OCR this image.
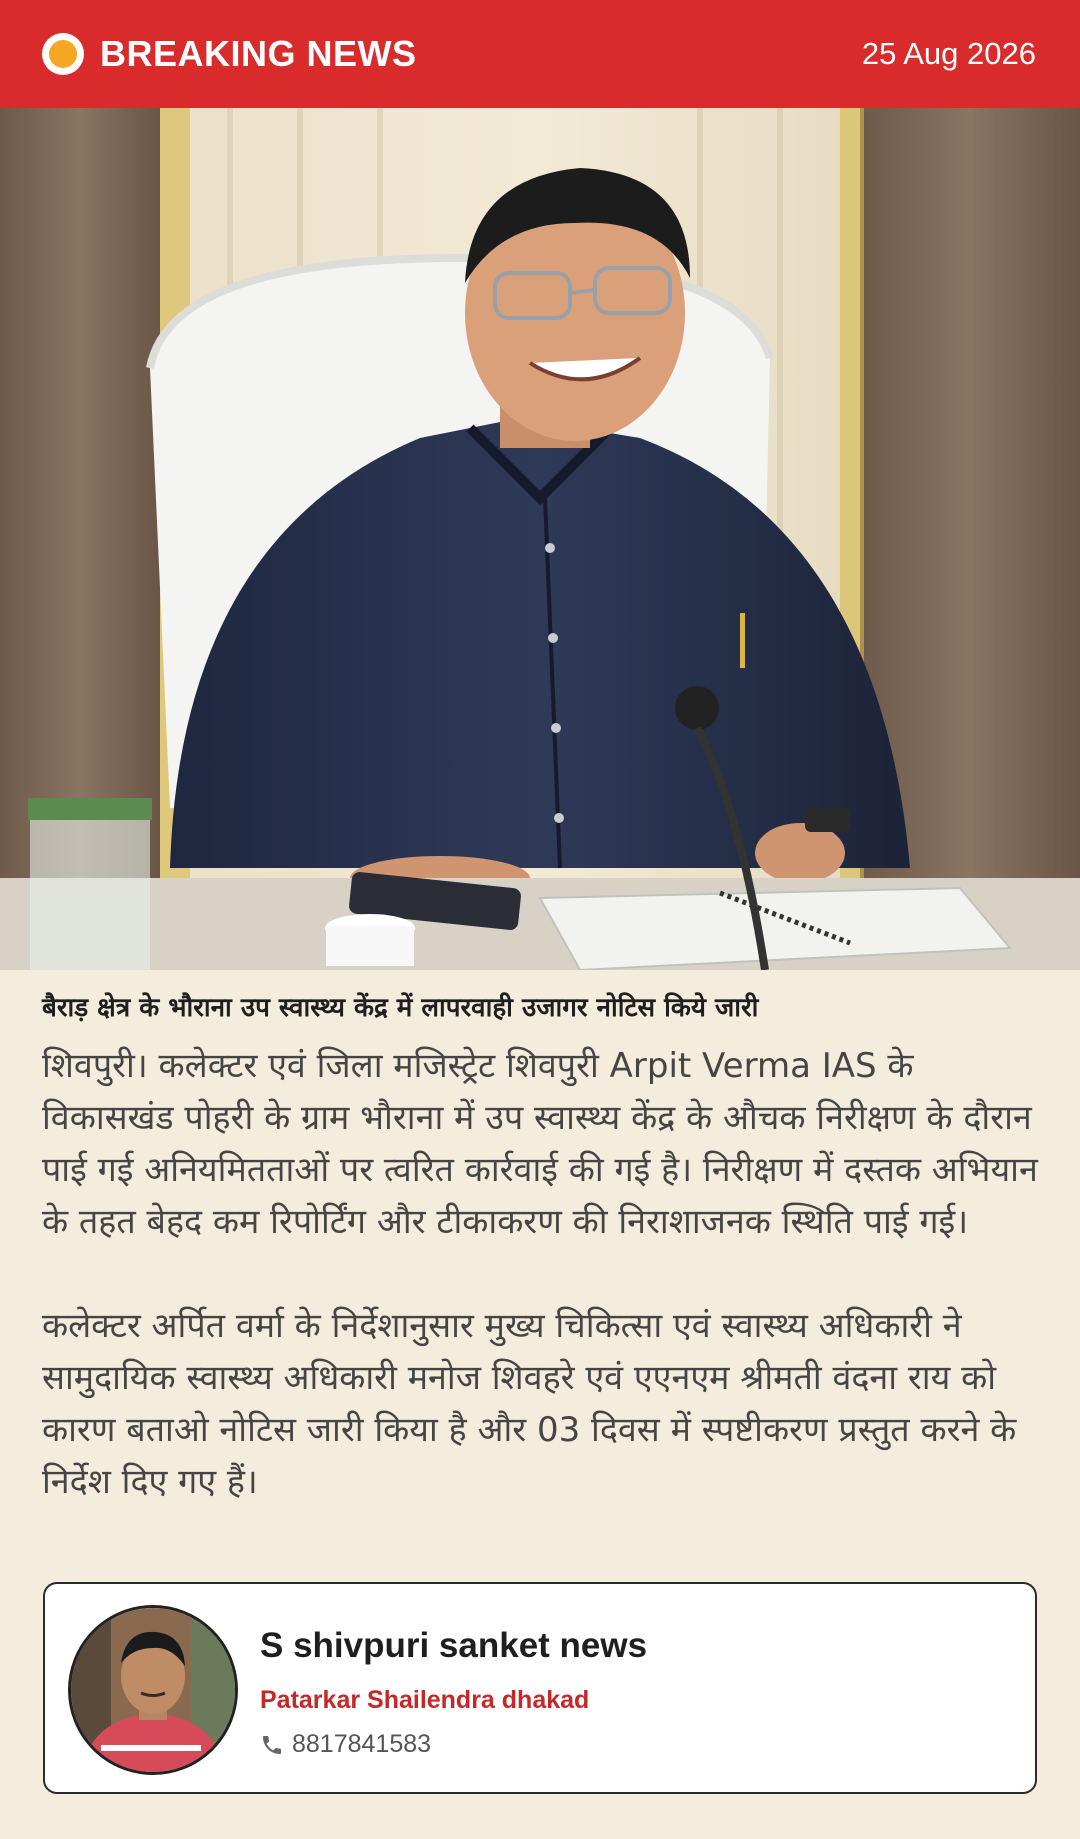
BREAKING NEWS	25 Aug 2026
बैराड़ क्षेत्र के भौराना उप स्वास्थ्य केंद्र में लापरवाही उजागर नोटिस किये जारी

शिवपुरी। कलेक्टर एवं जिला मजिस्ट्रेट शिवपुरी Arpit Verma IAS के विकासखंड पोहरी के ग्राम भौराना में उप स्वास्थ्य केंद्र के औचक निरीक्षण के दौरान पाई गई अनियमितताओं पर त्वरित कार्रवाई की गई है। निरीक्षण में दस्तक अभियान के तहत बेहद कम रिपोर्टिंग और टीकाकरण की निराशाजनक स्थिति पाई गई।

कलेक्टर अर्पित वर्मा के निर्देशानुसार मुख्य चिकित्सा एवं स्वास्थ्य अधिकारी ने सामुदायिक स्वास्थ्य अधिकारी मनोज शिवहरे एवं एएनएम श्रीमती वंदना राय को कारण बताओ नोटिस जारी किया है और 03 दिवस में स्पष्टीकरण प्रस्तुत करने के निर्देश दिए गए हैं।

S shivpuri sanket news
Patarkar Shailendra dhakad
8817841583
